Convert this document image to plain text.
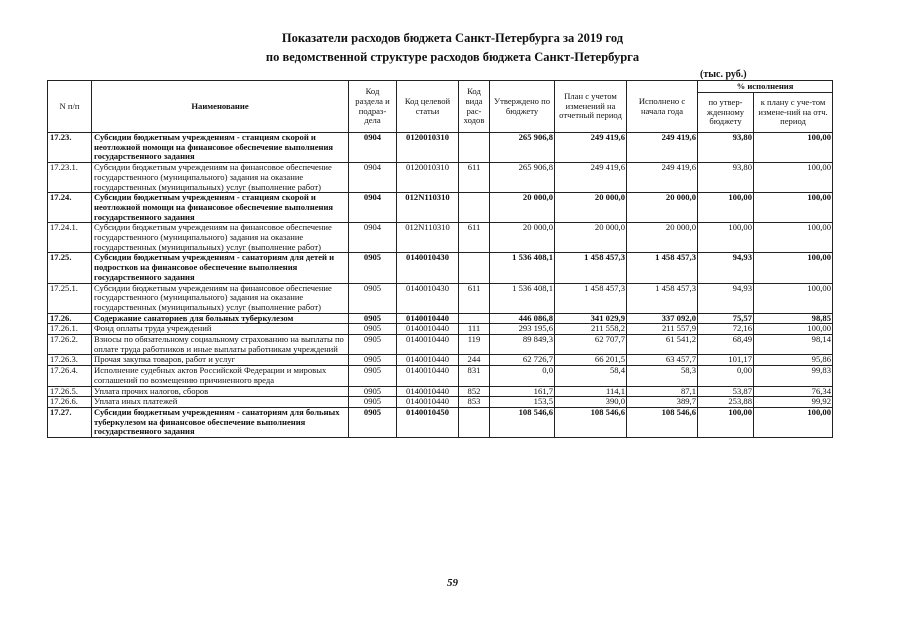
Показатели расходов бюджета Санкт-Петербурга за 2019 год
по ведомственной структуре расходов бюджета Санкт-Петербурга
(тыс. руб.)
N п/п	Наименование	Код раздела и подраз-дела	Код целевой статьи	Код вида рас-ходов	Утверждено по бюджету	План с учетом изменений на отчетный период	Исполнено с начала года	% исполнения	
								по утвер-жденному бюджету	к плану с уче-том измене-ний на отч. период
17.23.	Субсидии бюджетным учреждениям - станциям скорой и неотложной помощи на финансовое обеспечение выполнения государственного задания	0904	0120010310		265 906,8	249 419,6	249 419,6	93,80	100,00
17.23.1.	Субсидии бюджетным учреждениям на финансовое обеспечение государственного (муниципального) задания на оказание государственных (муниципальных) услуг (выполнение работ)	0904	0120010310	611	265 906,8	249 419,6	249 419,6	93,80	100,00
17.24.	Субсидии бюджетным учреждениям - станциям скорой и неотложной помощи на финансовое обеспечение выполнения государственного задания	0904	012N110310		20 000,0	20 000,0	20 000,0	100,00	100,00
17.24.1.	Субсидии бюджетным учреждениям на финансовое обеспечение государственного (муниципального) задания на оказание государственных (муниципальных) услуг (выполнение работ)	0904	012N110310	611	20 000,0	20 000,0	20 000,0	100,00	100,00
17.25.	Субсидии бюджетным учреждениям - санаториям для детей и подростков на финансовое обеспечение выполнения государственного задания	0905	0140010430		1 536 408,1	1 458 457,3	1 458 457,3	94,93	100,00
17.25.1.	Субсидии бюджетным учреждениям на финансовое обеспечение государственного (муниципального) задания на оказание государственных (муниципальных) услуг (выполнение работ)	0905	0140010430	611	1 536 408,1	1 458 457,3	1 458 457,3	94,93	100,00
17.26.	Содержание санаториев для больных туберкулезом	0905	0140010440		446 086,8	341 029,9	337 092,0	75,57	98,85
17.26.1.	Фонд оплаты труда учреждений	0905	0140010440	111	293 195,6	211 558,2	211 557,9	72,16	100,00
17.26.2.	Взносы по обязательному социальному страхованию на выплаты по оплате труда работников и иные выплаты работникам учреждений	0905	0140010440	119	89 849,3	62 707,7	61 541,2	68,49	98,14
17.26.3.	Прочая закупка товаров, работ и услуг	0905	0140010440	244	62 726,7	66 201,5	63 457,7	101,17	95,86
17.26.4.	Исполнение судебных актов Российской Федерации и мировых соглашений по возмещению причиненного вреда	0905	0140010440	831	0,0	58,4	58,3	0,00	99,83
17.26.5.	Уплата прочих налогов, сборов	0905	0140010440	852	161,7	114,1	87,1	53,87	76,34
17.26.6.	Уплата иных платежей	0905	0140010440	853	153,5	390,0	389,7	253,88	99,92
17.27.	Субсидии бюджетным учреждениям - санаториям для больных туберкулезом на финансовое обеспечение выполнения государственного задания	0905	0140010450		108 546,6	108 546,6	108 546,6	100,00	100,00
59
